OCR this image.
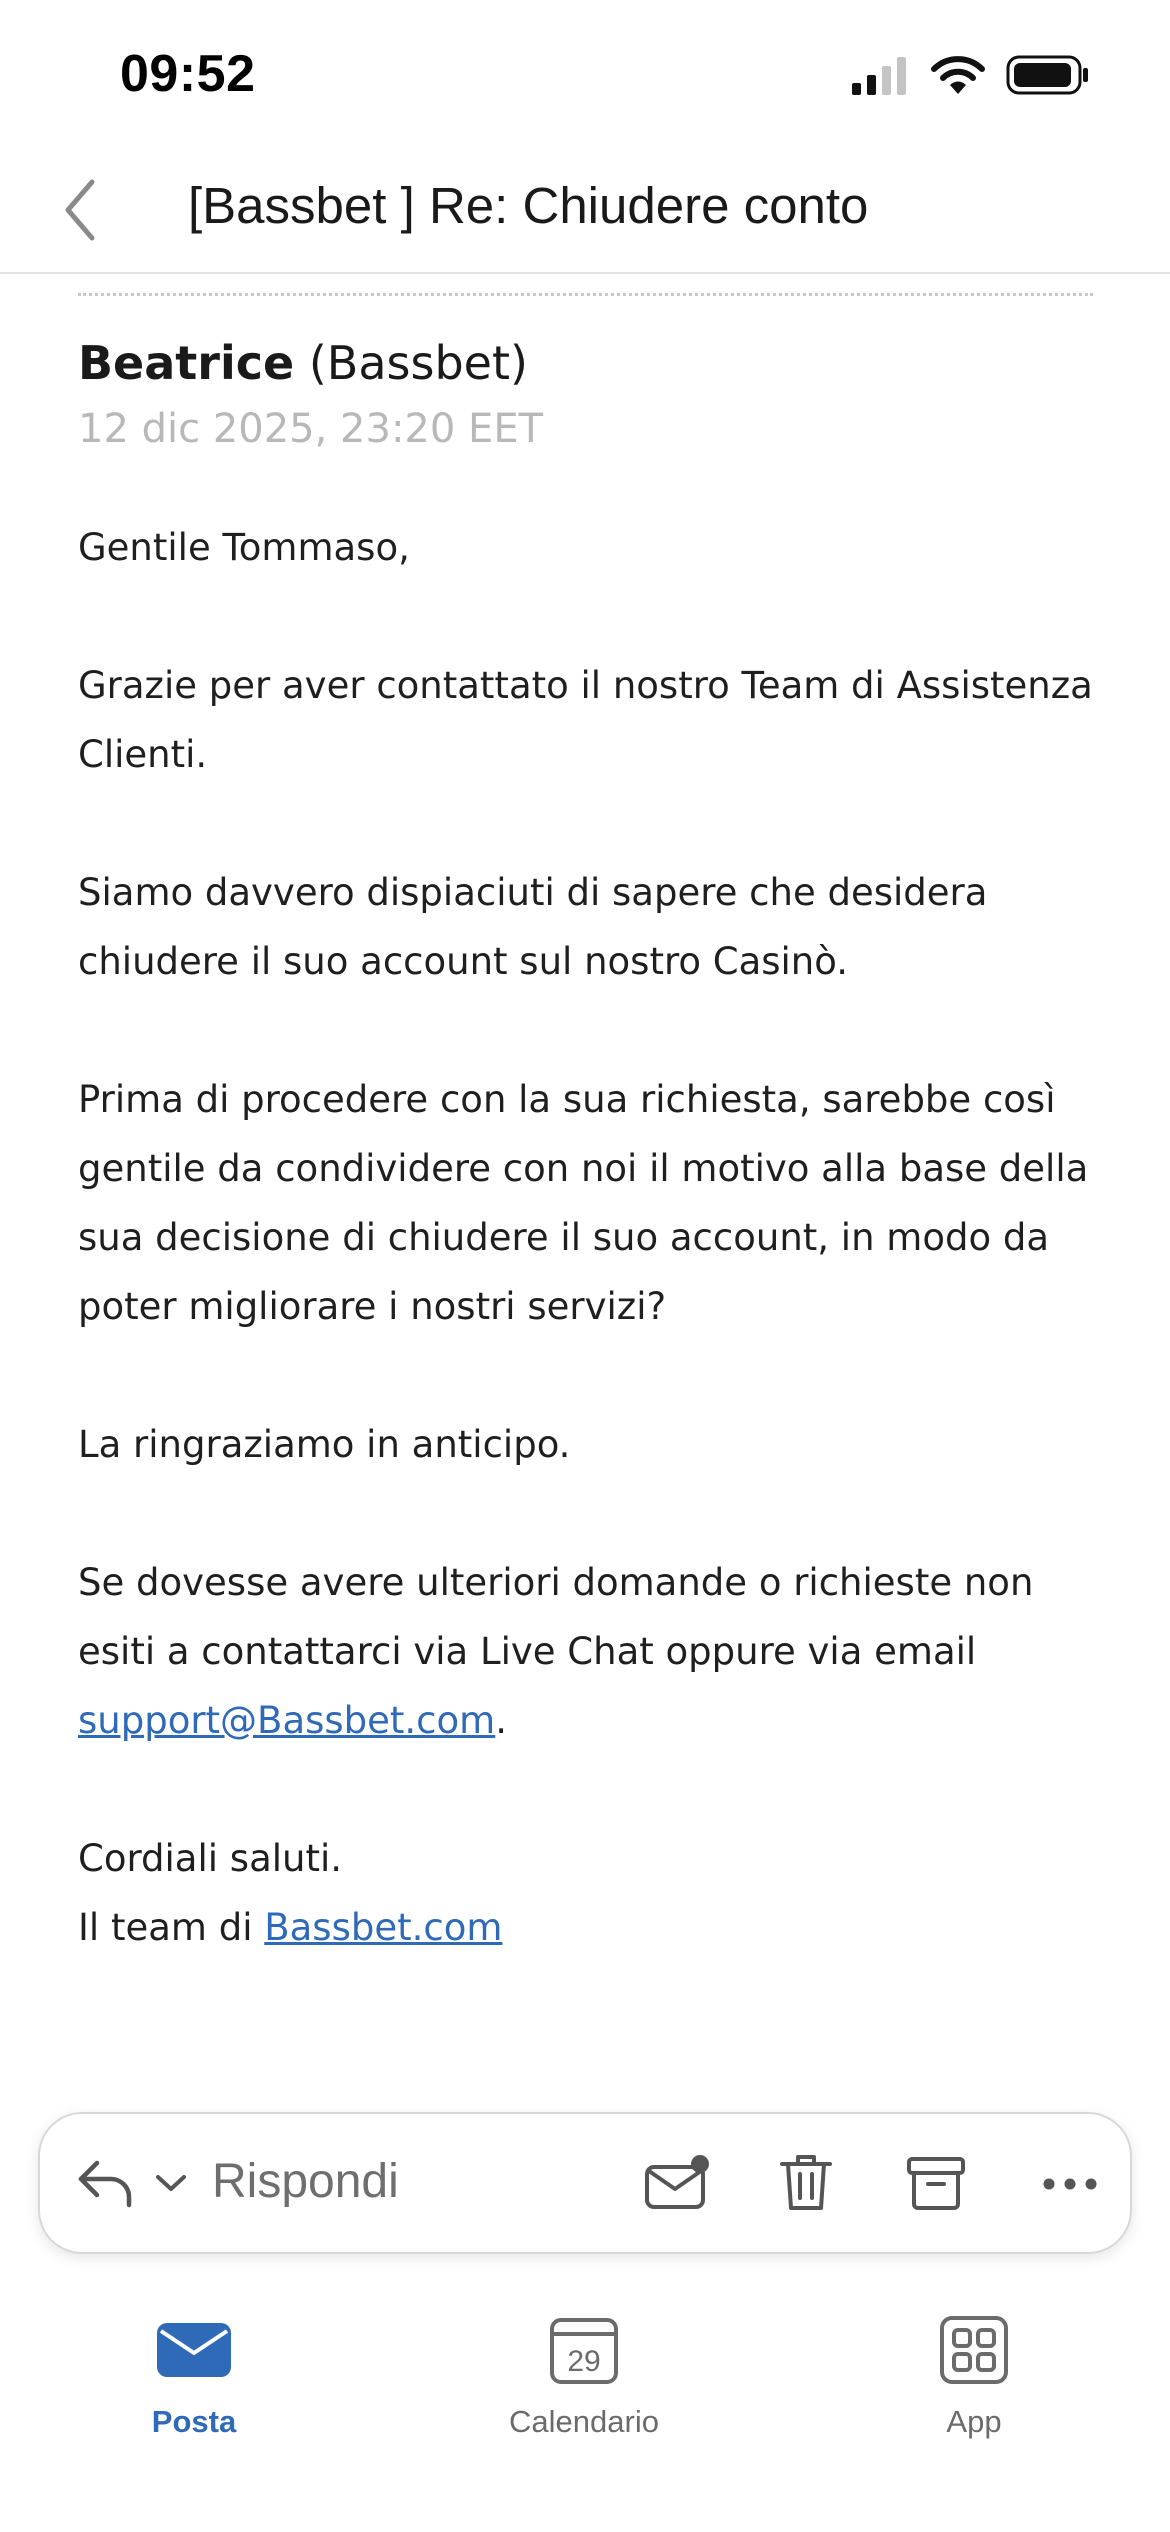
09:52
[Bassbet ] Re: Chiudere conto
Beatrice (Bassbet)
12 dic 2025, 23:20 EET
Gentile Tommaso,
Grazie per aver contattato il nostro Team di Assistenza Clienti.
Siamo davvero dispiaciuti di sapere che desidera chiudere il suo account sul nostro Casinò.
Prima di procedere con la sua richiesta, sarebbe così gentile da condividere con noi il motivo alla base della sua decisione di chiudere il suo account, in modo da poter migliorare i nostri servizi?
La ringraziamo in anticipo.
Se dovesse avere ulteriori domande o richieste non esiti a contattarci via Live Chat oppure via email support@Bassbet.com.
Cordiali saluti.
Il team di Bassbet.com
Rispondi
Posta
29
Calendario	App
